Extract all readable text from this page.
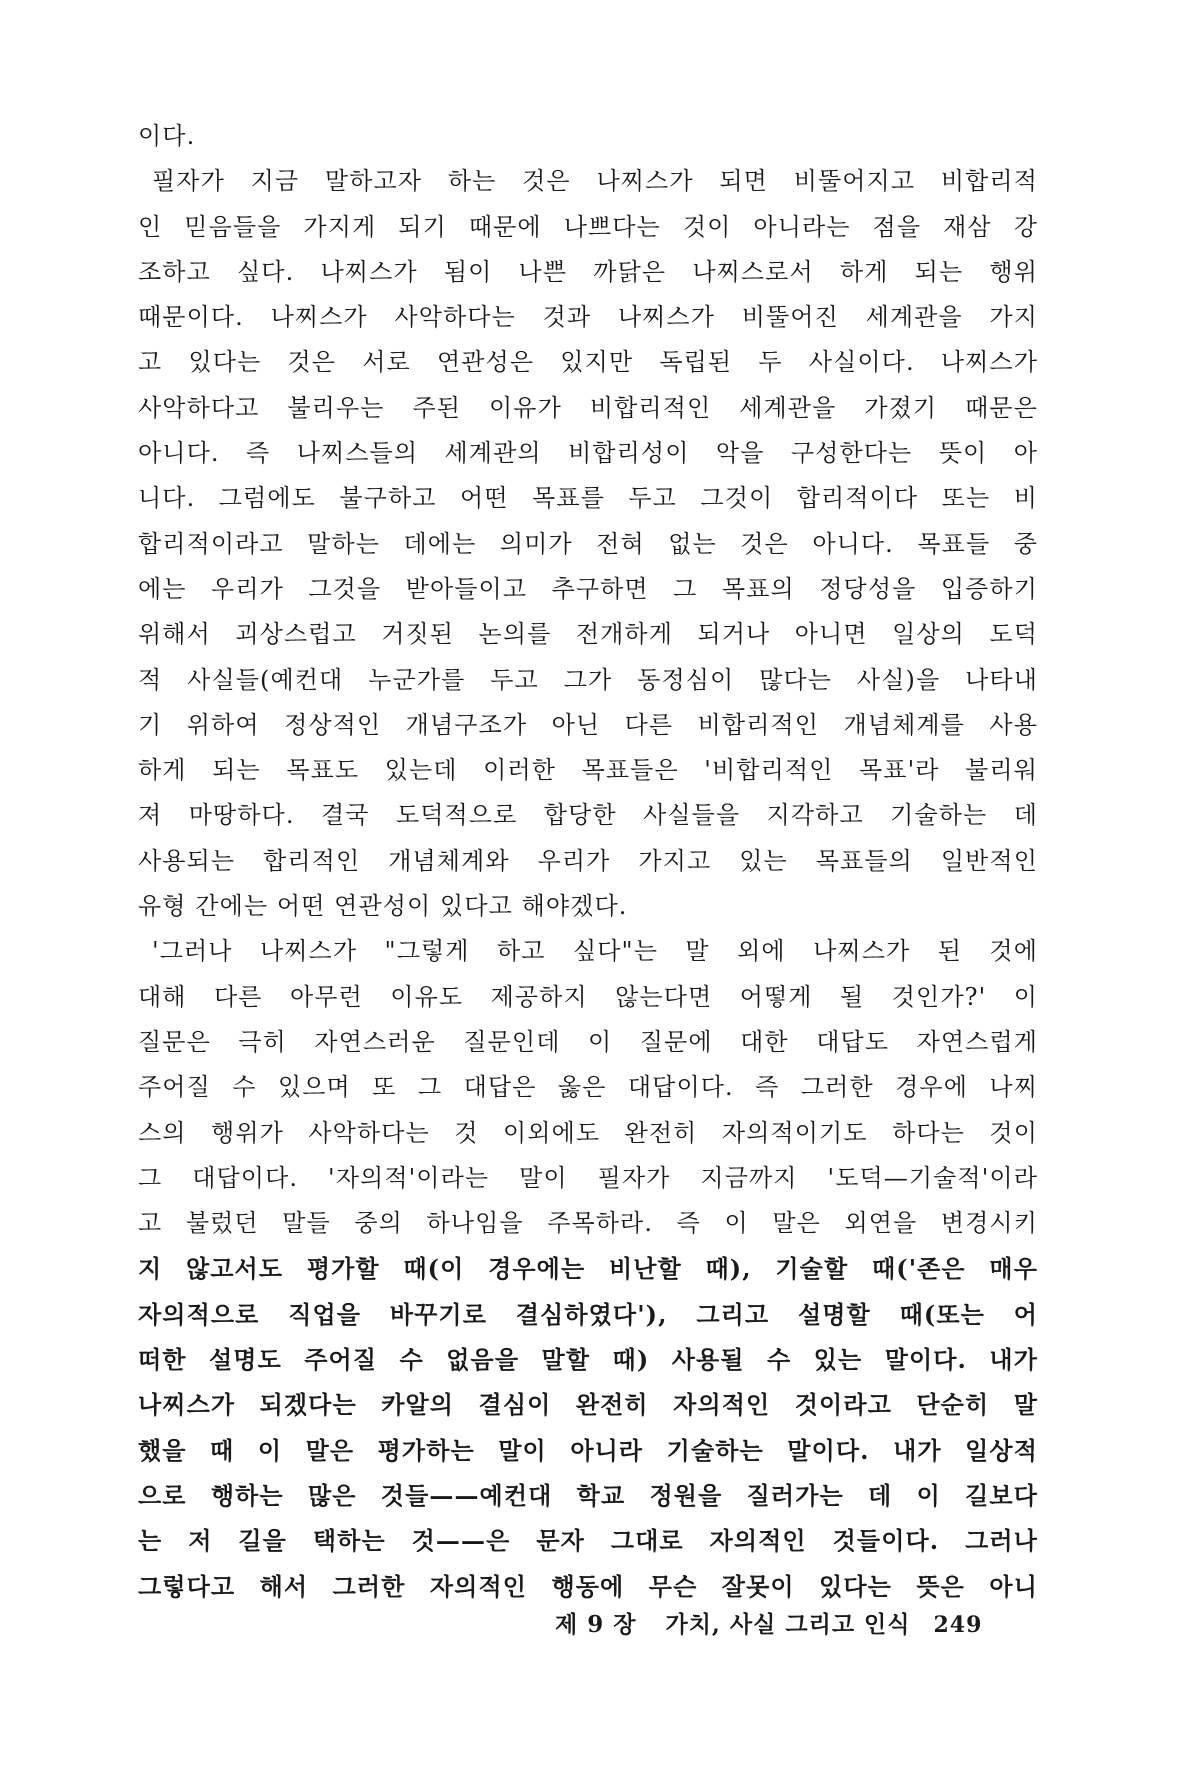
이다.
필자가 지금 말하고자 하는 것은 나찌스가 되면 비뚤어지고 비합리적
인 믿음들을 가지게 되기 때문에 나쁘다는 것이 아니라는 점을 재삼 강
조하고 싶다. 나찌스가 됨이 나쁜 까닭은 나찌스로서 하게 되는 행위
때문이다. 나찌스가 사악하다는 것과 나찌스가 비뚤어진 세계관을 가지
고 있다는 것은 서로 연관성은 있지만 독립된 두 사실이다. 나찌스가
사악하다고 불리우는 주된 이유가 비합리적인 세계관을 가졌기 때문은
아니다. 즉 나찌스들의 세계관의 비합리성이 악을 구성한다는 뜻이 아
니다. 그럼에도 불구하고 어떤 목표를 두고 그것이 합리적이다 또는 비
합리적이라고 말하는 데에는 의미가 전혀 없는 것은 아니다. 목표들 중
에는 우리가 그것을 받아들이고 추구하면 그 목표의 정당성을 입증하기
위해서 괴상스럽고 거짓된 논의를 전개하게 되거나 아니면 일상의 도덕
적 사실들(예컨대 누군가를 두고 그가 동정심이 많다는 사실)을 나타내
기 위하여 정상적인 개념구조가 아닌 다른 비합리적인 개념체계를 사용
하게 되는 목표도 있는데 이러한 목표들은 '비합리적인 목표'라 불리워
져 마땅하다. 결국 도덕적으로 합당한 사실들을 지각하고 기술하는 데
사용되는 합리적인 개념체계와 우리가 가지고 있는 목표들의 일반적인
유형 간에는 어떤 연관성이 있다고 해야겠다.
'그러나 나찌스가 "그렇게 하고 싶다"는 말 외에 나찌스가 된 것에
대해 다른 아무런 이유도 제공하지 않는다면 어떻게 될 것인가?' 이
질문은 극히 자연스러운 질문인데 이 질문에 대한 대답도 자연스럽게
주어질 수 있으며 또 그 대답은 옳은 대답이다. 즉 그러한 경우에 나찌
스의 행위가 사악하다는 것 이외에도 완전히 자의적이기도 하다는 것이
그 대답이다. '자의적'이라는 말이 필자가 지금까지 '도덕—기술적'이라
고 불렀던 말들 중의 하나임을 주목하라. 즉 이 말은 외연을 변경시키
지 않고서도 평가할 때(이 경우에는 비난할 때), 기술할 때('존은 매우
자의적으로 직업을 바꾸기로 결심하였다'), 그리고 설명할 때(또는 어
떠한 설명도 주어질 수 없음을 말할 때) 사용될 수 있는 말이다. 내가
나찌스가 되겠다는 카알의 결심이 완전히 자의적인 것이라고 단순히 말
했을 때 이 말은 평가하는 말이 아니라 기술하는 말이다. 내가 일상적
으로 행하는 많은 것들——예컨대 학교 정원을 질러가는 데 이 길보다
는 저 길을 택하는 것——은 문자 그대로 자의적인 것들이다. 그러나
그렇다고 해서 그러한 자의적인 행동에 무슨 잘못이 있다는 뜻은 아니
제 9 장 가치, 사실 그리고 인식 249
